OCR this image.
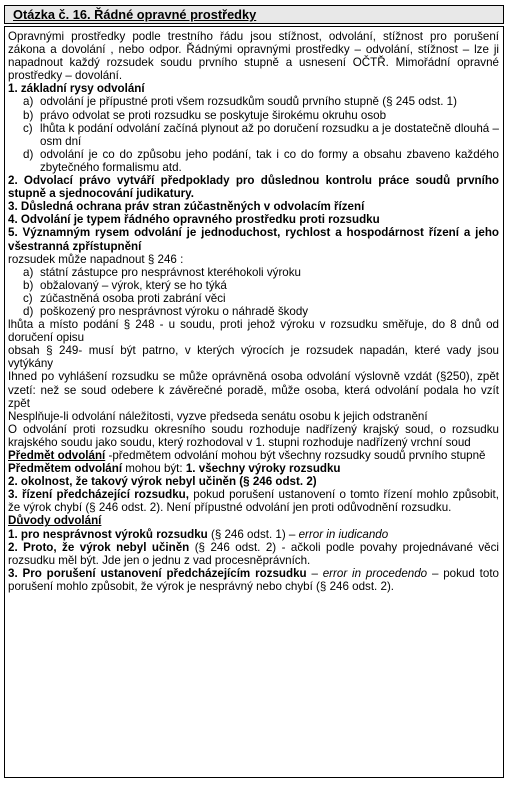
Otázka č. 16. Řádné opravné prostředky

Opravnými prostředky podle trestního řádu jsou stížnost, odvolání, stížnost pro porušení zákona a dovolání , nebo odpor. Řádnými opravnými prostředky – odvolání, stížnost – lze ji napadnout každý rozsudek soudu prvního stupně a usnesení OČTŘ. Mimořádní opravné prostředky – dovolání.

1. základní rysy odvolání

a) odvolání je přípustné proti všem rozsudkům soudů prvního stupně (§ 245 odst. 1)
b) právo odvolat se proti rozsudku se poskytuje širokému okruhu osob
c) lhůta k podání odvolání začíná plynout až po doručení rozsudku a je dostatečně dlouhá – osm dní
d) odvolání je co do způsobu jeho podání, tak i co do formy a obsahu zbaveno každého zbytečného formalismu atd.

2. Odvolací právo vytváří předpoklady pro důslednou kontrolu práce soudů prvního stupně a sjednocování judikatury.

3. Důsledná ochrana práv stran zúčastněných v odvolacím řízení

4. Odvolání je typem řádného opravného prostředku proti rozsudku

5. Významným rysem odvolání je jednoduchost, rychlost a hospodárnost řízení a jeho všestranná zpřístupnění

rozsudek může napadnout § 246 :

a) státní zástupce pro nesprávnost kteréhokoli výroku
b) obžalovaný – výrok, který se ho týká
c) zúčastněná osoba proti zabrání věci
d) poškozený pro nesprávnost výroku o náhradě škody

lhůta a místo podání § 248 - u soudu, proti jehož výroku v rozsudku směřuje, do 8 dnů od doručení opisu

obsah § 249- musí být patrno, v kterých výrocích je rozsudek napadán, které vady jsou vytýkány

Ihned po vyhlášení rozsudku se může oprávněná osoba odvolání výslovně vzdát (§250), zpět vzetí: než se soud odebere k závěrečné poradě, může osoba, která odvolání podala ho vzít zpět

Nesplňuje-li odvolání náležitosti, vyzve předseda senátu osobu k jejich odstranění

O odvolání proti rozsudku okresního soudu rozhoduje nadřízený krajský soud, o rozsudku krajského soudu jako soudu, který rozhodoval v 1. stupni rozhoduje nadřízený vrchní soud

Předmět odvolání -předmětem odvolání mohou být všechny rozsudky soudů prvního stupně

Předmětem odvolání mohou být: 1. všechny výroky rozsudku

2. okolnost, že takový výrok nebyl učiněn (§ 246 odst. 2)

3. řízení předcházející rozsudku, pokud porušení ustanovení o tomto řízení mohlo způsobit, že výrok chybí (§ 246 odst. 2). Není přípustné odvolání jen proti odůvodnění rozsudku.

Důvody odvolání

1. pro nesprávnost výroků rozsudku (§ 246 odst. 1) – error in iudicando

2. Proto, že výrok nebyl učiněn (§ 246 odst. 2) - ačkoli podle povahy projednávané věci rozsudku měl být. Jde jen o jednu z vad procesněprávních.

3. Pro porušení ustanovení předcházejícím rozsudku – error in procedendo – pokud toto porušení mohlo způsobit, že výrok je nesprávný nebo chybí (§ 246 odst. 2).
